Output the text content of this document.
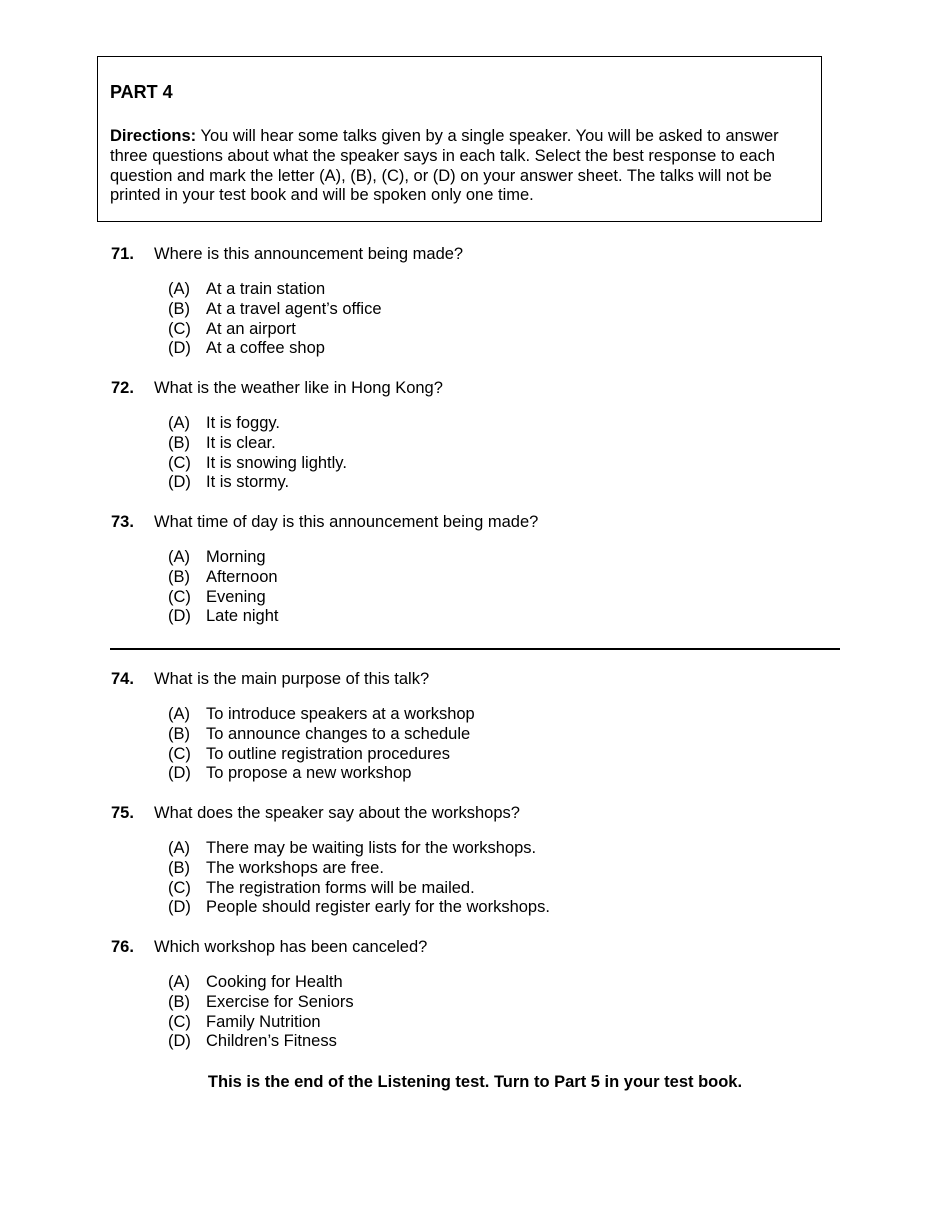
PART 4

Directions: You will hear some talks given by a single speaker. You will be asked to answer three questions about what the speaker says in each talk. Select the best response to each question and mark the letter (A), (B), (C), or (D) on your answer sheet. The talks will not be printed in your test book and will be spoken only one time.

71. Where is this announcement being made?
(A) At a train station
(B) At a travel agent’s office
(C) At an airport
(D) At a coffee shop
72. What is the weather like in Hong Kong?
(A) It is foggy.
(B) It is clear.
(C) It is snowing lightly.
(D) It is stormy.
73. What time of day is this announcement being made?
(A) Morning
(B) Afternoon
(C) Evening
(D) Late night
74. What is the main purpose of this talk?
(A) To introduce speakers at a workshop
(B) To announce changes to a schedule
(C) To outline registration procedures
(D) To propose a new workshop
75. What does the speaker say about the workshops?
(A) There may be waiting lists for the workshops.
(B) The workshops are free.
(C) The registration forms will be mailed.
(D) People should register early for the workshops.
76. Which workshop has been canceled?
(A) Cooking for Health
(B) Exercise for Seniors
(C) Family Nutrition
(D) Children’s Fitness
This is the end of the Listening test. Turn to Part 5 in your test book.
